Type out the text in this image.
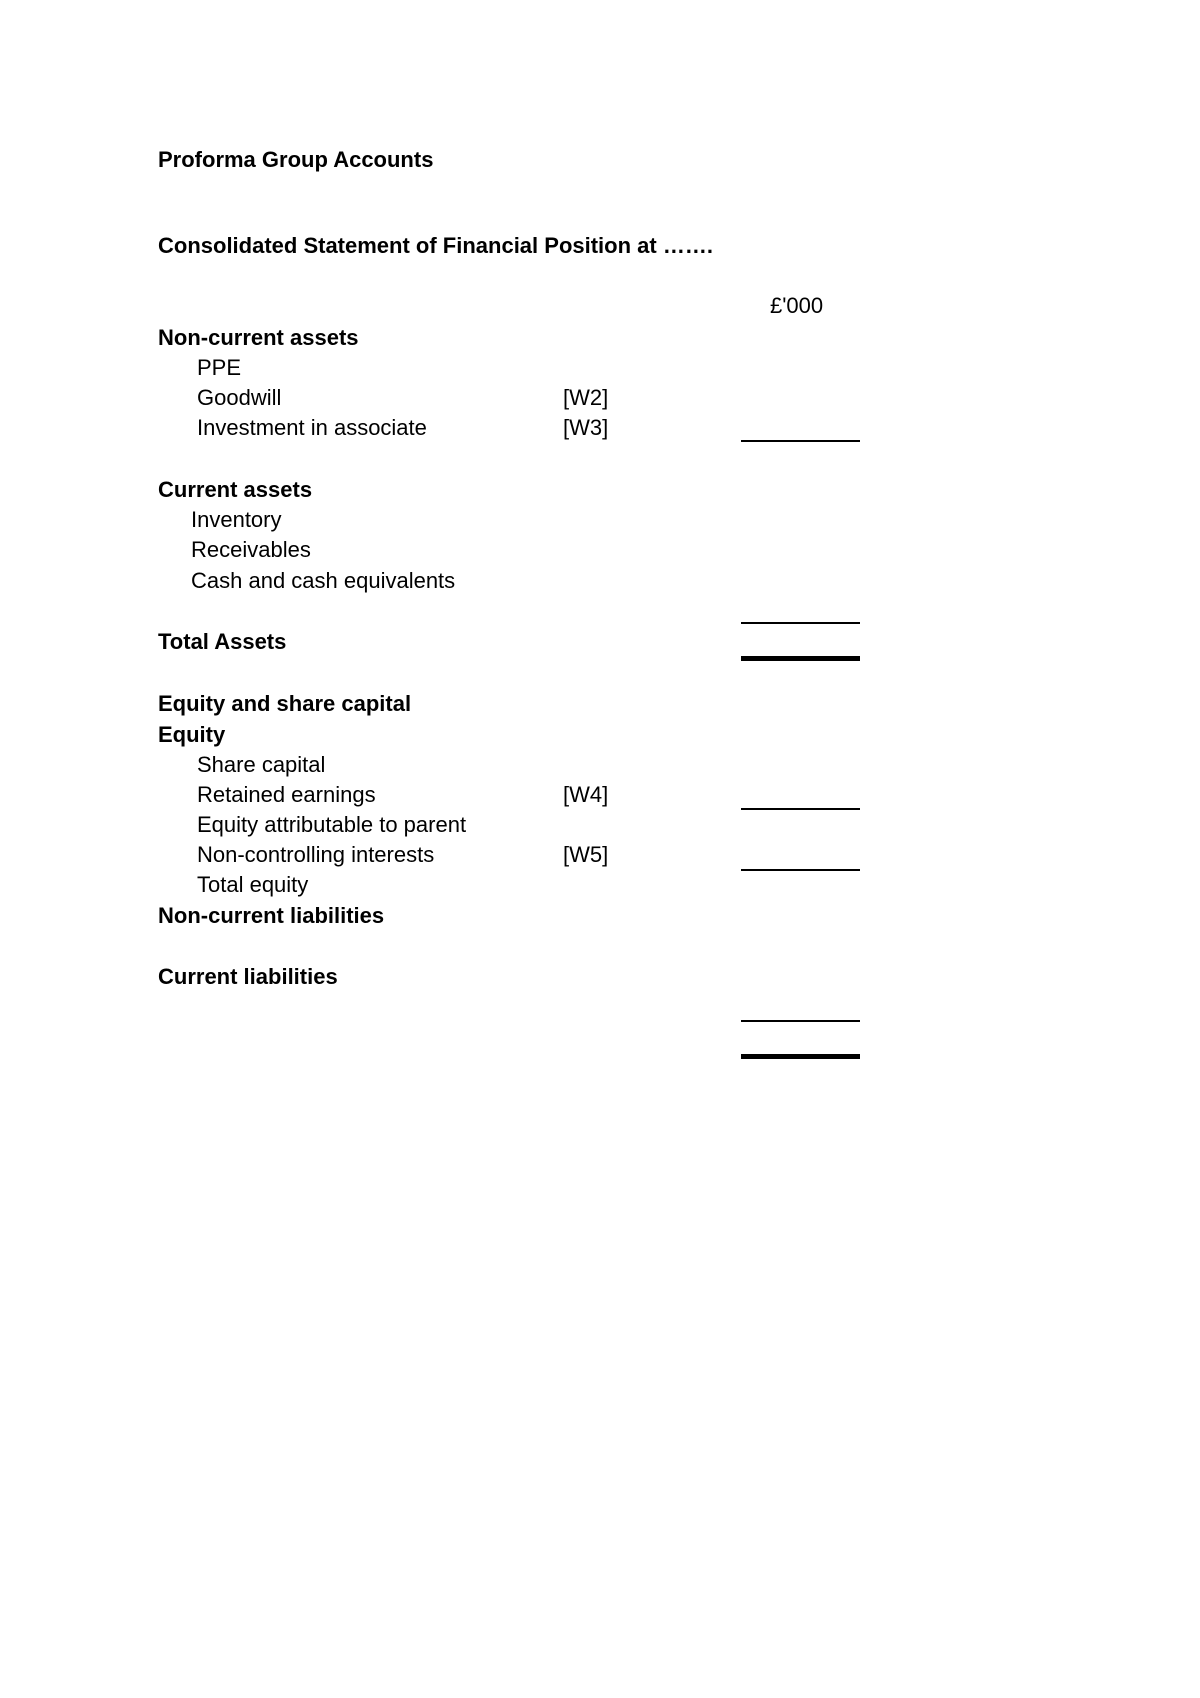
Proforma Group Accounts
Consolidated Statement of Financial Position at …….
£'000
Non-current assets
PPE
Goodwill	[W2]
Investment in associate	[W3]
Current assets
Inventory
Receivables
Cash and cash equivalents
Total Assets
Equity and share capital
Equity
Share capital
Retained earnings	[W4]
Equity attributable to parent
Non-controlling interests	[W5]
Total equity
Non-current liabilities
Current liabilities
